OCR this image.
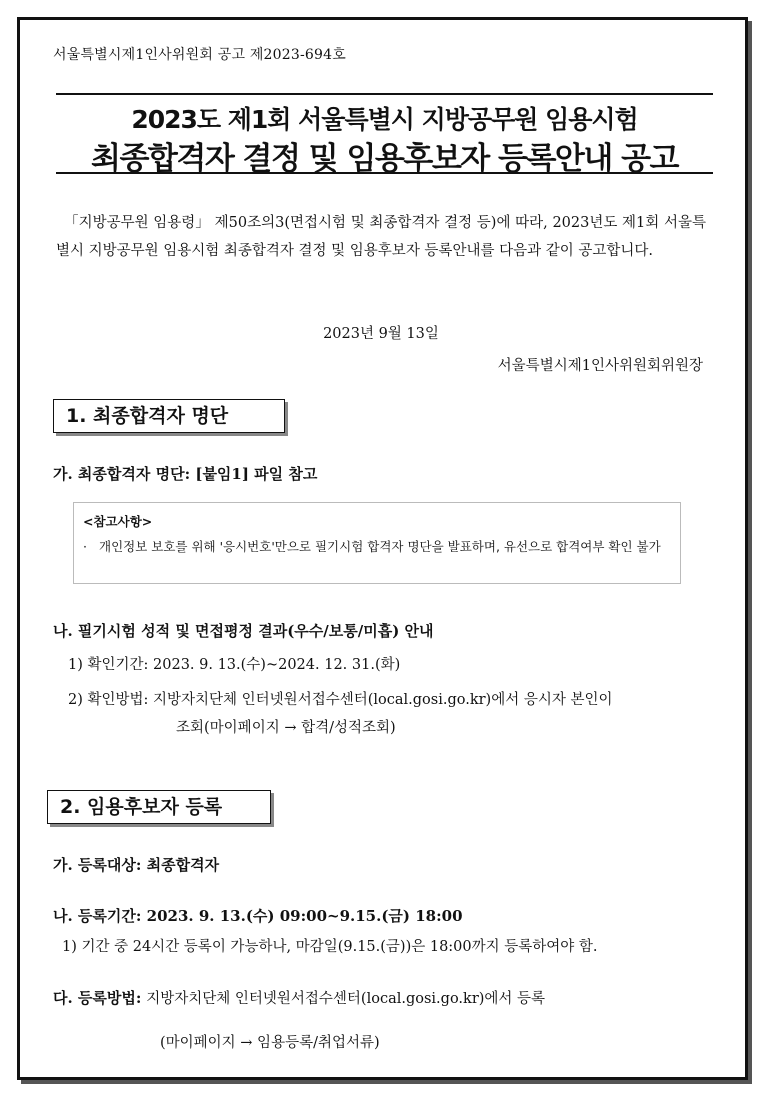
서울특별시제1인사위원회 공고 제2023-694호
2023도 제1회 서울특별시 지방공무원 임용시험
최종합격자 결정 및 임용후보자 등록안내 공고
「지방공무원 임용령」 제50조의3(면접시험 및 최종합격자 결정 등)에 따라, 2023년도 제1회 서울특별시 지방공무원 임용시험 최종합격자 결정 및 임용후보자 등록안내를 다음과 같이 공고합니다.
2023년 9월 13일
서울특별시제1인사위원회위원장
1. 최종합격자 명단
가. 최종합격자 명단: [붙임1] 파일 참고
<참고사항>
· 개인정보 보호를 위해 '응시번호'만으로 필기시험 합격자 명단을 발표하며, 유선으로 합격여부 확인 불가
나. 필기시험 성적 및 면접평정 결과(우수/보통/미흡) 안내
1) 확인기간: 2023. 9. 13.(수)~2024. 12. 31.(화)
2) 확인방법: 지방자치단체 인터넷원서접수센터(local.gosi.go.kr)에서 응시자 본인이
조회(마이페이지 → 합격/성적조회)
2. 임용후보자 등록
가. 등록대상: 최종합격자
나. 등록기간: 2023. 9. 13.(수) 09:00~9.15.(금) 18:00
1) 기간 중 24시간 등록이 가능하나, 마감일(9.15.(금))은 18:00까지 등록하여야 함.
다. 등록방법: 지방자치단체 인터넷원서접수센터(local.gosi.go.kr)에서 등록
(마이페이지 → 임용등록/취업서류)
